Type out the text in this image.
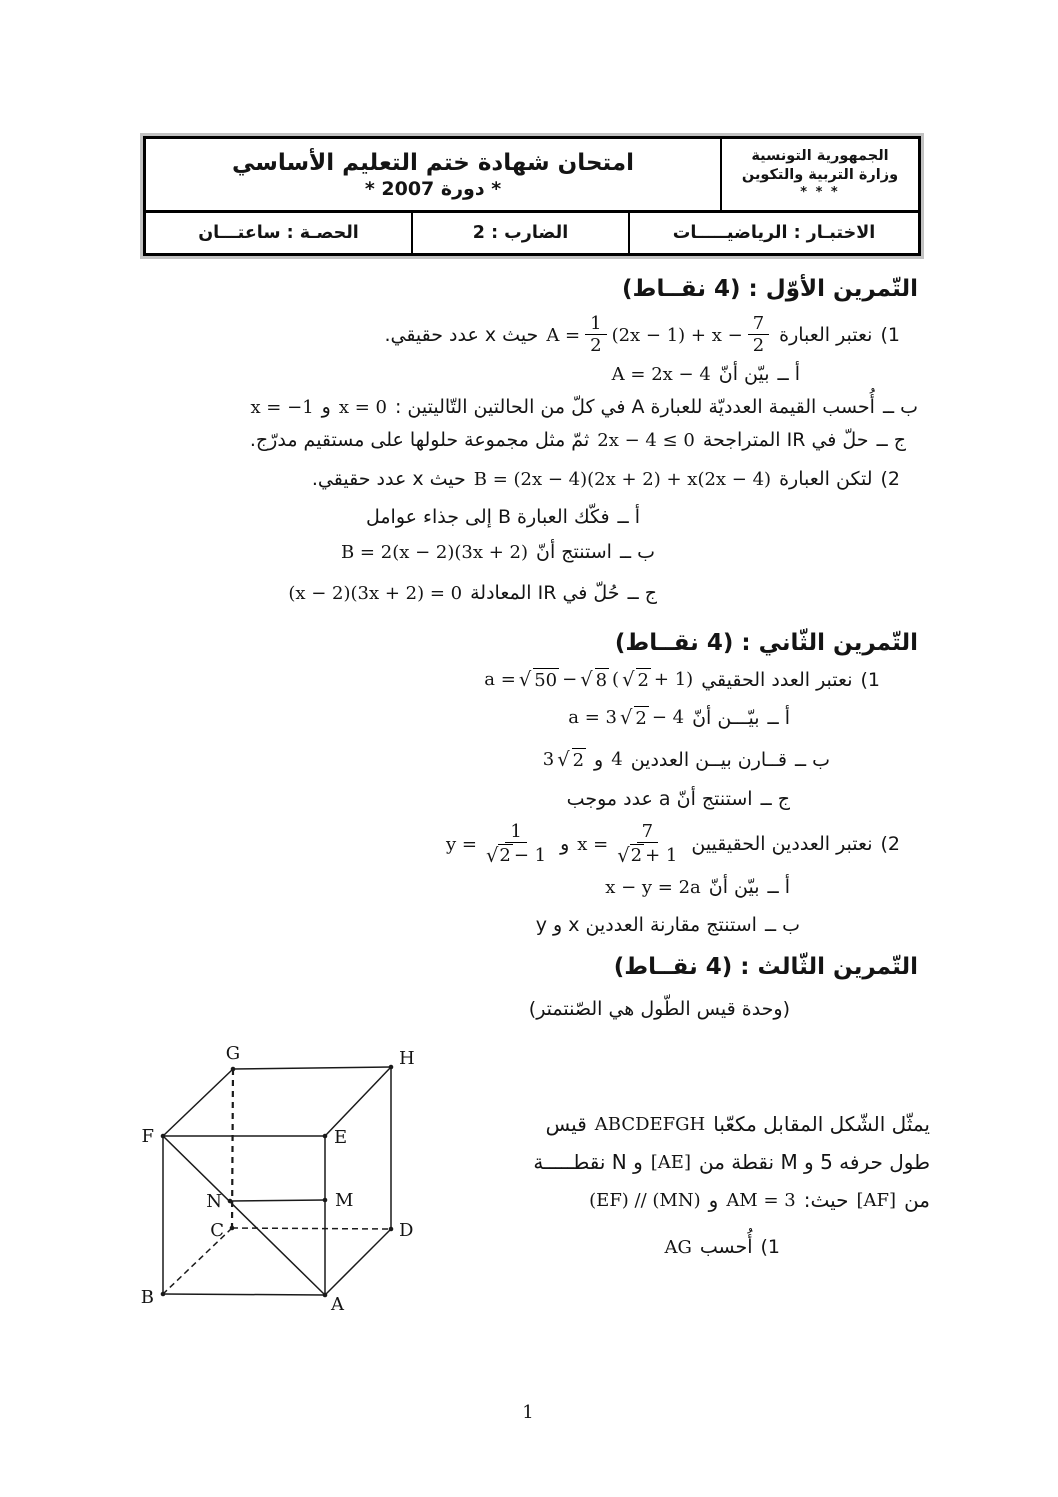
الجمهورية التونسية
وزارة التربية والتكوين
* * *
امتحان شهادة ختم التعليم الأساسي
* دورة 2007 *
الاختبـار : الرياضيـــــات
الضارب : 2
الحصـة : ساعتـــان
التّمرين الأوّل : (4 نقــاط)
1)
نعتبر العبارة
$A = \frac{1}{2} (2x - 1) + x - \frac{7}{2}$
حيث x عدد حقيقي.
أ ــ
بيّن أنّ
A = 2x − 4
ب ــ
أُحسب القيمة العدديّة للعبارة A في كلّ من الحالتين التّاليتين :
x = 0
و
x = −1
ج ــ
حلّ في IR المتراجحة
2x − 4 ≤ 0
ثمّ مثل مجموعة حلولها على مستقيم مدرّج.
2)
لتكن العبارة
B = (2x − 4)(2x + 2) + x(2x − 4)
حيث x عدد حقيقي.
أ ــ
فكّك العبارة B إلى جذاء عوامل
ب ــ
استنتج أنّ
B = 2(x − 2)(3x + 2)
ج ــ
حُلّ في IR المعادلة
(x − 2)(3x + 2) = 0
التّمرين الثّاني : (4 نقــاط)
1)
نعتبر العدد الحقيقي
a = √ 50 − √ 8 ( √ 2 + 1)
أ ــ
بيّـــن أنّ
a = 3 √ 2 − 4
ب ــ
قــارن بيــن العددين
4
و
3 √ 2
ج ــ
استنتج أنّ a عدد موجب
2)
نعتبر العددين الحقيقيين
$x = \frac{7}{√ 2 + 1}$
و
$y = \frac{1}{√ 2 - 1}$
أ ــ
بيّن أنّ
x − y = 2a
ب ــ
استنتج مقارنة العددين x و y
التّمرين الثّالث : (4 نقــاط)
(وحدة قيس الطّول هي الصّنتمتر)
يمثّل الشّكل المقابل مكعّبا
ABCDEFGH
قيس
طول حرفه 5 و M نقطة من
[AE]
و N نقطـــــة
من
[AF]
حيث:
AM = 3
و
(EF) // (MN)
1)
أُحسب
AG
G	H
F	E
N	M
C	D
B	A
1
